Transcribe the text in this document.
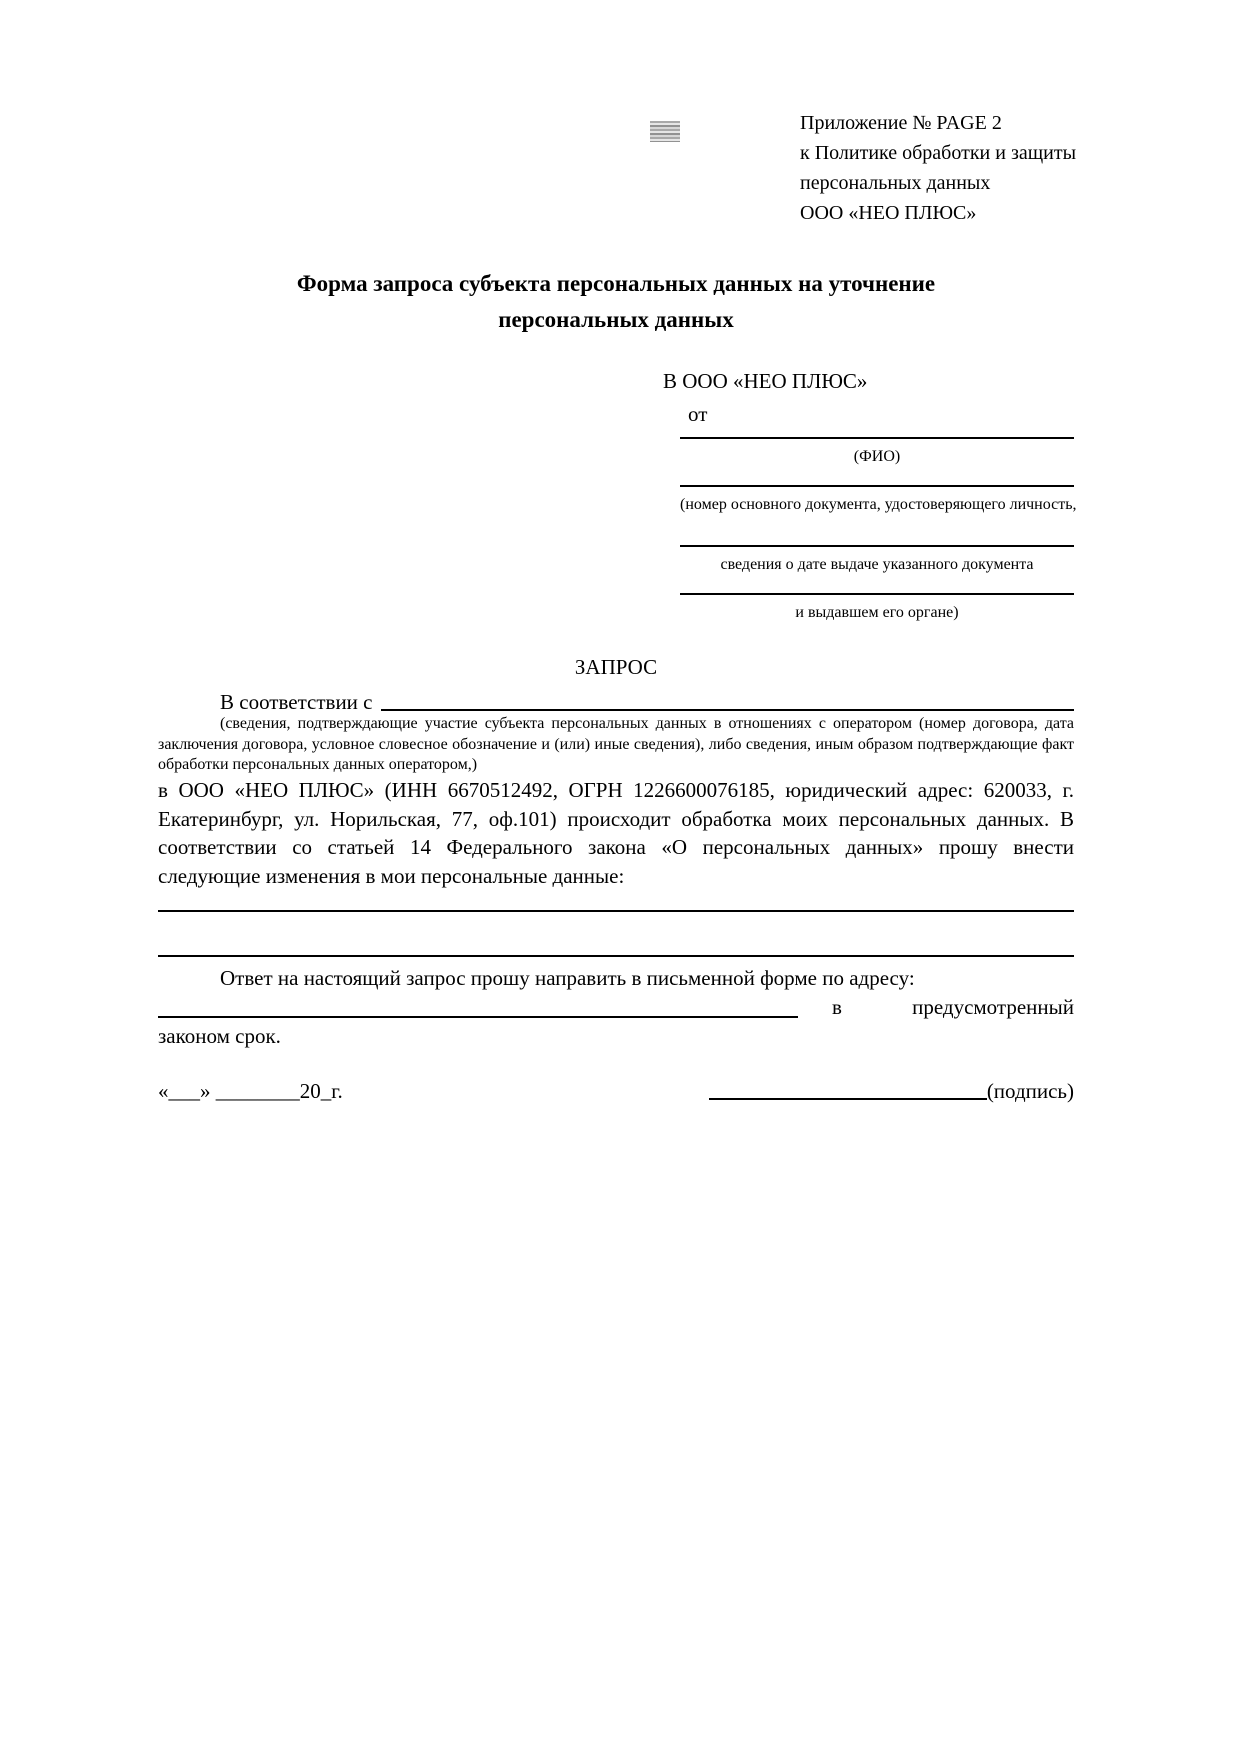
Приложение № PAGE 2
к Политике обработки и защиты
персональных данных
ООО «НЕО ПЛЮС»
Форма запроса субъекта персональных данных на уточнение
персональных данных
В ООО «НЕО ПЛЮС»
от
(ФИО)
(номер основного документа, удостоверяющего личность,
сведения о дате выдаче указанного документа
и выдавшем его органе)
ЗАПРОС
В соответствии с
(сведения, подтверждающие участие субъекта персональных данных в отношениях с оператором (номер договора, дата заключения договора, условное словесное обозначение и (или) иные сведения), либо сведения, иным образом подтверждающие факт обработки персональных данных оператором,)
в ООО «НЕО ПЛЮС» (ИНН 6670512492, ОГРН 1226600076185, юридический адрес: 620033, г. Екатеринбург, ул. Норильская, 77, оф.101) происходит обработка моих персональных данных. В соответствии со статьей 14 Федерального закона «О персональных данных» прошу внести следующие изменения в мои персональные данные:
Ответ на настоящий запрос прошу направить в письменной форме по адресу:
в	предусмотренный
законом срок.
«___» ________20_г.	(подпись)
